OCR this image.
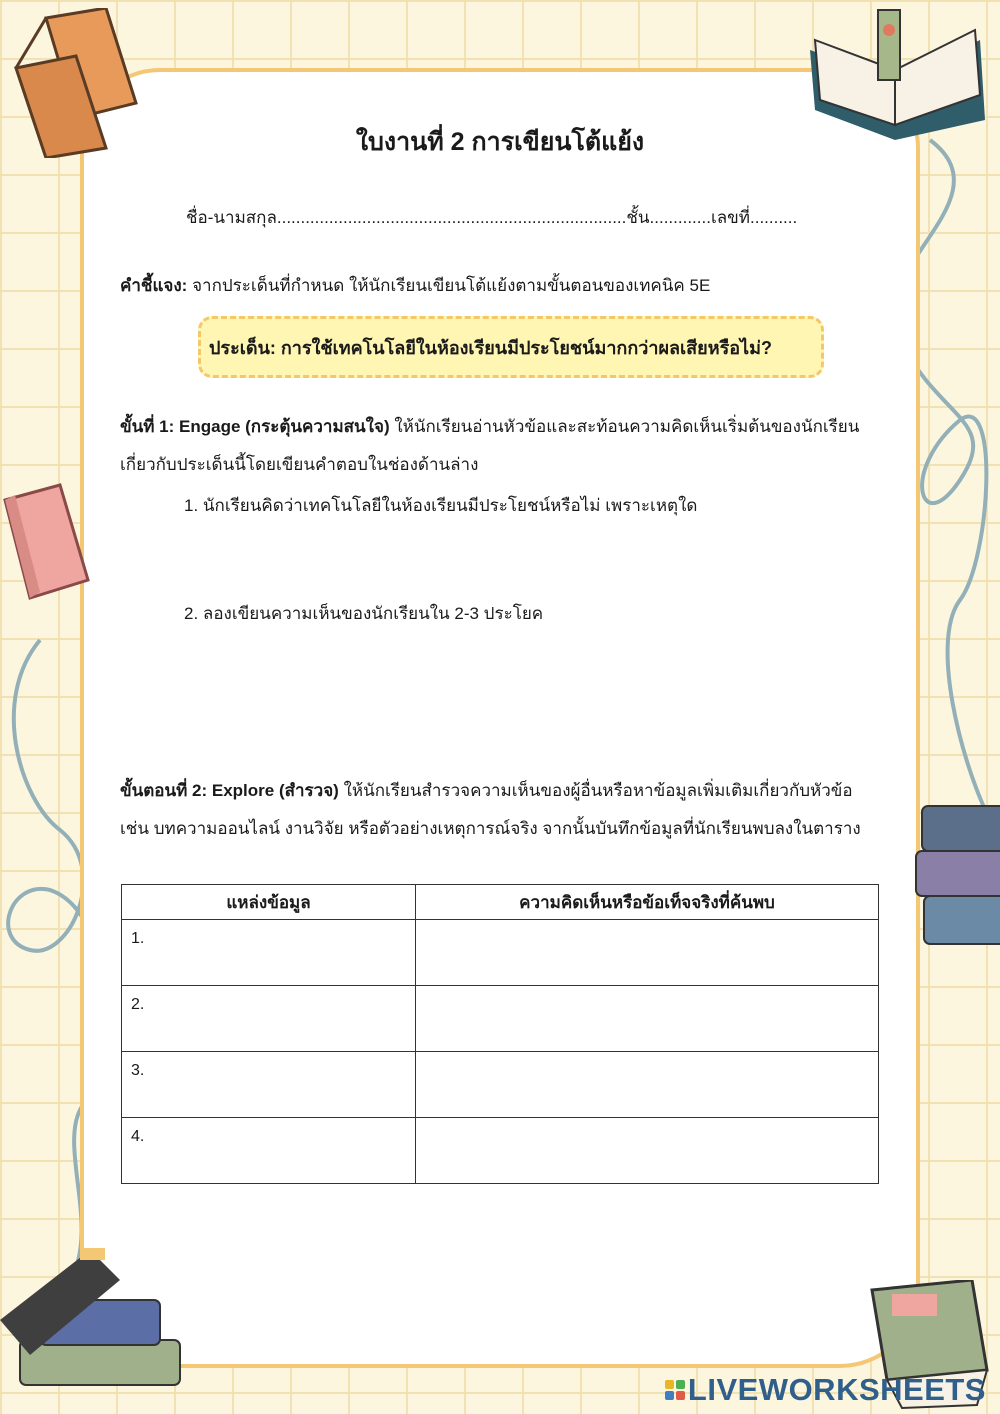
ใบงานที่ 2 การเขียนโต้แย้ง
ชื่อ-นามสกุล..........................................................................ชั้น.............เลขที่..........
คำชี้แจง: จากประเด็นที่กำหนด ให้นักเรียนเขียนโต้แย้งตามขั้นตอนของเทคนิค 5E
ประเด็น: การใช้เทคโนโลยีในห้องเรียนมีประโยชน์มากกว่าผลเสียหรือไม่?
ขั้นที่ 1: Engage (กระตุ้นความสนใจ) ให้นักเรียนอ่านหัวข้อและสะท้อนความคิดเห็นเริ่มต้นของนักเรียนเกี่ยวกับประเด็นนี้โดยเขียนคำตอบในช่องด้านล่าง
1. นักเรียนคิดว่าเทคโนโลยีในห้องเรียนมีประโยชน์หรือไม่ เพราะเหตุใด
2. ลองเขียนความเห็นของนักเรียนใน 2-3 ประโยค
ขั้นตอนที่ 2: Explore (สำรวจ) ให้นักเรียนสำรวจความเห็นของผู้อื่นหรือหาข้อมูลเพิ่มเติมเกี่ยวกับหัวข้อ เช่น บทความออนไลน์ งานวิจัย หรือตัวอย่างเหตุการณ์จริง จากนั้นบันทึกข้อมูลที่นักเรียนพบลงในตาราง
แหล่งข้อมูล	ความคิดเห็นหรือข้อเท็จจริงที่ค้นพบ
1.	
2.	
3.	
4.	
LIVEWORKSHEETS
